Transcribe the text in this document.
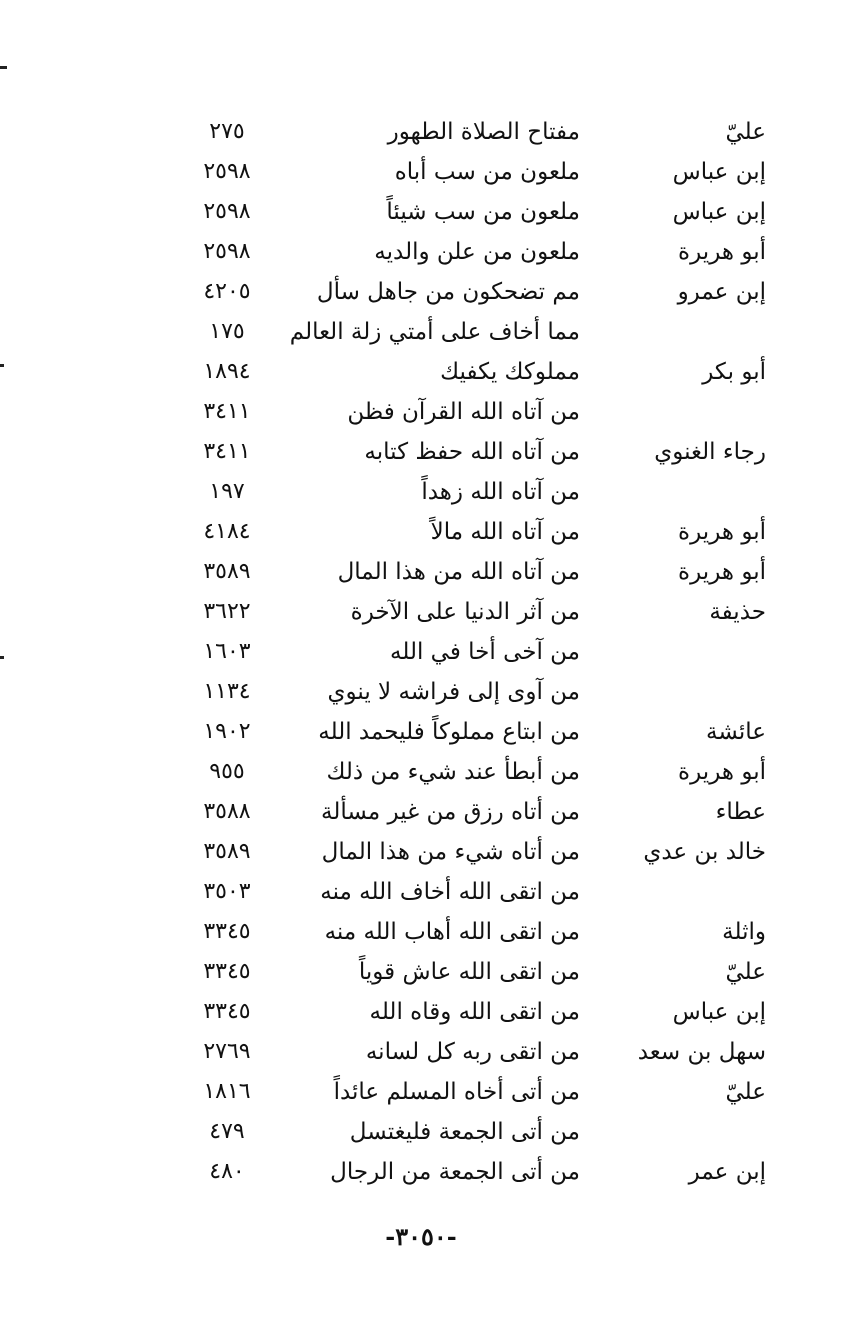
عليّ
مفتاح الصلاة الطهور
٢٧٥
إبن عباس
ملعون من سب أباه
٢٥٩٨
إبن عباس
ملعون من سب شيئاً
٢٥٩٨
أبو هريرة
ملعون من علن والديه
٢٥٩٨
إبن عمرو
مم تضحكون من جاهل سأل
٤٢٠٥
مما أخاف على أمتي زلة العالم
١٧٥
أبو بكر
مملوكك يكفيك
١٨٩٤
من آتاه الله القرآن فظن
٣٤١١
رجاء الغنوي
من آتاه الله حفظ كتابه
٣٤١١
من آتاه الله زهداً
١٩٧
أبو هريرة
من آتاه الله مالاً
٤١٨٤
أبو هريرة
من آتاه الله من هذا المال
٣٥٨٩
حذيفة
من آثر الدنيا على الآخرة
٣٦٢٢
من آخى أخا في الله
١٦٠٣
من آوى إلى فراشه لا ينوي
١١٣٤
عائشة
من ابتاع مملوكاً فليحمد الله
١٩٠٢
أبو هريرة
من أبطأ عند شيء من ذلك
٩٥٥
عطاء
من أتاه رزق من غير مسألة
٣٥٨٨
خالد بن عدي
من أتاه شيء من هذا المال
٣٥٨٩
من اتقى الله أخاف الله منه
٣٥٠٣
واثلة
من اتقى الله أهاب الله منه
٣٣٤٥
عليّ
من اتقى الله عاش قوياً
٣٣٤٥
إبن عباس
من اتقى الله وقاه الله
٣٣٤٥
سهل بن سعد
من اتقى ربه كل لسانه
٢٧٦٩
عليّ
من أتى أخاه المسلم عائداً
١٨١٦
من أتى الجمعة فليغتسل
٤٧٩
إبن عمر
من أتى الجمعة من الرجال
٤٨٠
-٣٠٥٠-
